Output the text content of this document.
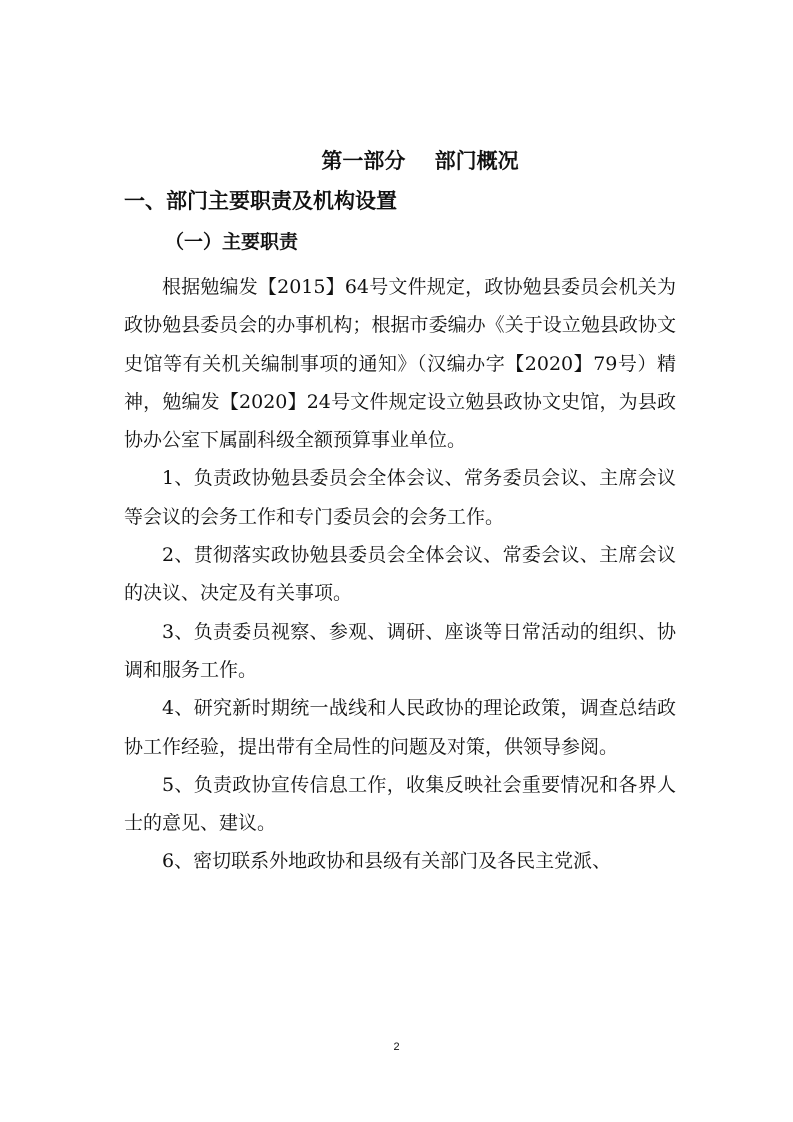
第一部分    部门概况
一、部门主要职责及机构设置
（一）主要职责

根据勉编发【2015】64号文件规定，政协勉县委员会机关为政协勉县委员会的办事机构；根据市委编办《关于设立勉县政协文史馆等有关机关编制事项的通知》（汉编办字【2020】79号）精神，勉编发【2020】24号文件规定设立勉县政协文史馆，为县政协办公室下属副科级全额预算事业单位。

1、负责政协勉县委员会全体会议、常务委员会议、主席会议等会议的会务工作和专门委员会的会务工作。

2、贯彻落实政协勉县委员会全体会议、常委会议、主席会议的决议、决定及有关事项。

3、负责委员视察、参观、调研、座谈等日常活动的组织、协调和服务工作。

4、研究新时期统一战线和人民政协的理论政策，调查总结政协工作经验，提出带有全局性的问题及对策，供领导参阅。

5、负责政协宣传信息工作，收集反映社会重要情况和各界人士的意见、建议。

6、密切联系外地政协和县级有关部门及各民主党派、

2
